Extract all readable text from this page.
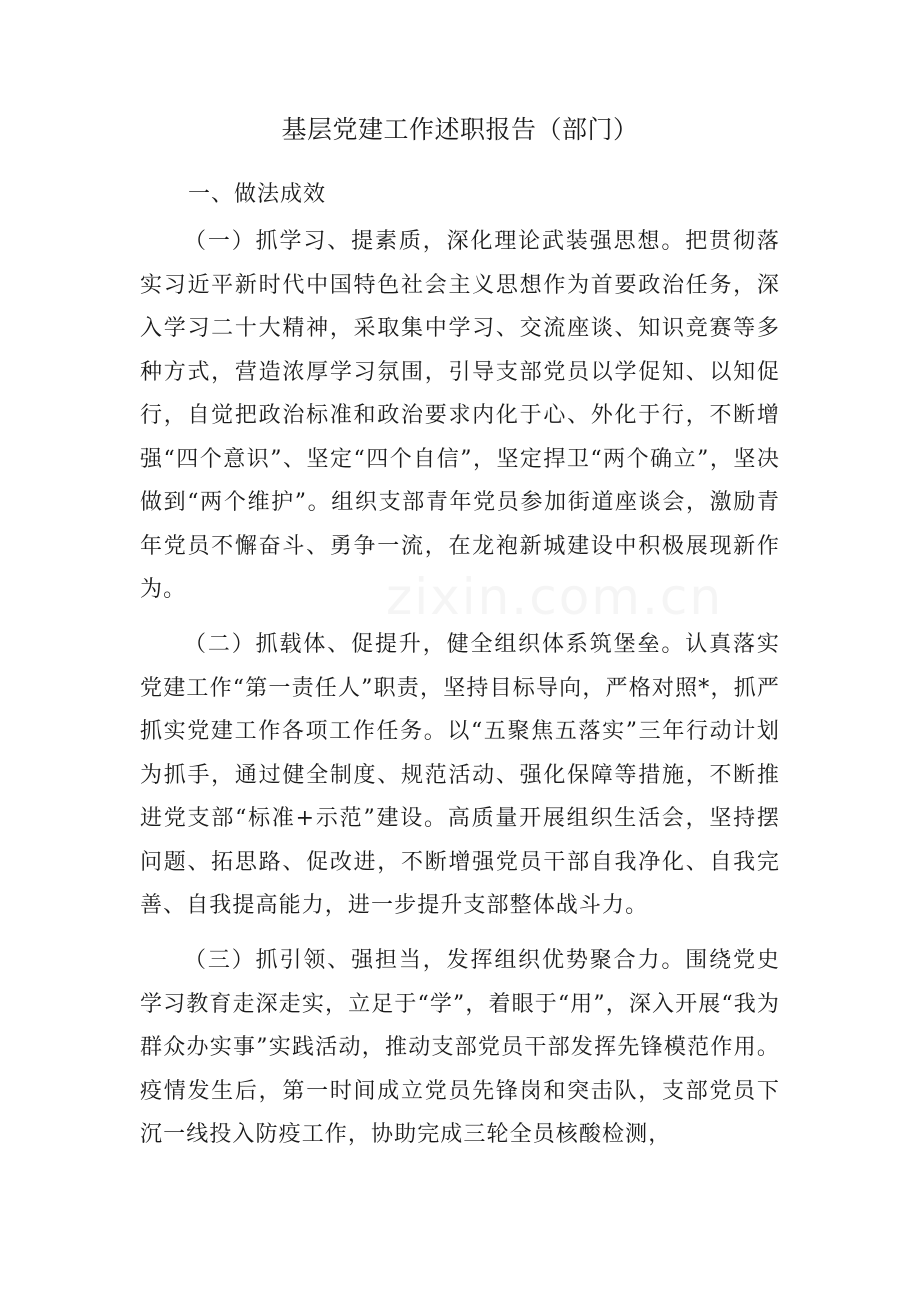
基层党建工作述职报告（部门）
一、做法成效

（一）抓学习、提素质，深化理论武装强思想。把贯彻落实习近平新时代中国特色社会主义思想作为首要政治任务，深入学习二十大精神，采取集中学习、交流座谈、知识竞赛等多种方式，营造浓厚学习氛围，引导支部党员以学促知、以知促行，自觉把政治标准和政治要求内化于心、外化于行，不断增强“四个意识”、坚定“四个自信”，坚定捍卫“两个确立”，坚决做到“两个维护”。组织支部青年党员参加街道座谈会，激励青年党员不懈奋斗、勇争一流，在龙袍新城建设中积极展现新作为。

（二）抓载体、促提升，健全组织体系筑堡垒。认真落实党建工作“第一责任人”职责，坚持目标导向，严格对照*，抓严抓实党建工作各项工作任务。以“五聚焦五落实”三年行动计划为抓手，通过健全制度、规范活动、强化保障等措施，不断推进党支部“标准+示范”建设。高质量开展组织生活会，坚持摆问题、拓思路、促改进，不断增强党员干部自我净化、自我完善、自我提高能力，进一步提升支部整体战斗力。

（三）抓引领、强担当，发挥组织优势聚合力。围绕党史学习教育走深走实，立足于“学”，着眼于“用”，深入开展“我为群众办实事”实践活动，推动支部党员干部发挥先锋模范作用。疫情发生后，第一时间成立党员先锋岗和突击队，支部党员下沉一线投入防疫工作，协助完成三轮全员核酸检测，

zixin.com.cn
